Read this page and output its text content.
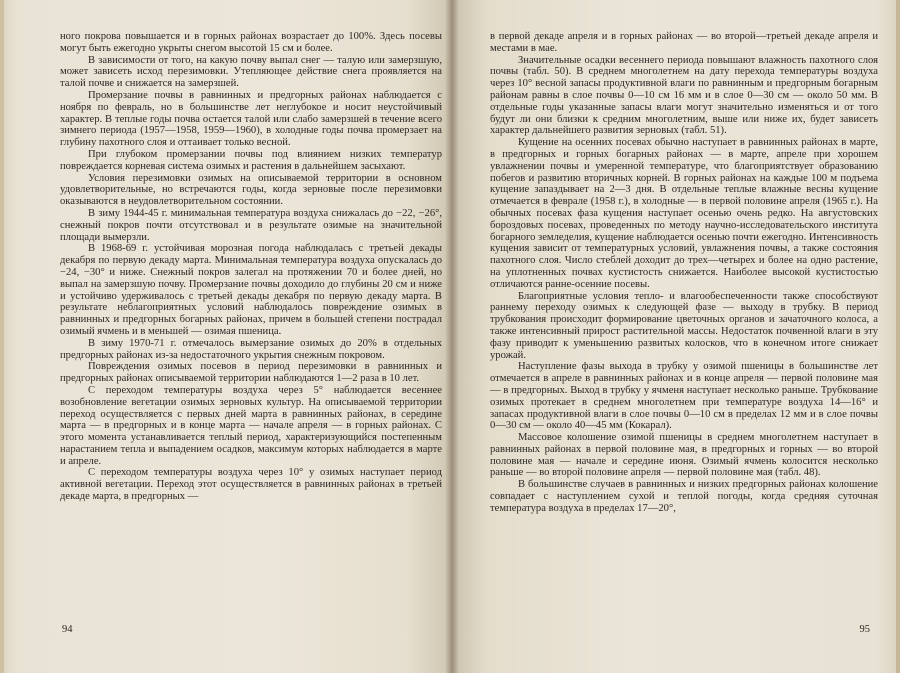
ного покрова повышается и в горных районах возрастает до 100%. Здесь посевы могут быть ежегодно укрыты снегом высотой 15 см и более.

В зависимости от того, на какую почву выпал снег — талую или замерзшую, может зависеть исход перезимовки. Утепляющее действие снега проявляется на талой почве и снижается на замерзшей.

Промерзание почвы в равнинных и предгорных районах наблюдается с ноября по февраль, но в большинстве лет неглубокое и носит неустойчивый характер. В теплые годы почва остается талой или слабо замерзшей в течение всего зимнего периода (1957—1958, 1959—1960), в холодные годы почва промерзает на глубину пахотного слоя и оттаивает только весной.

При глубоком промерзании почвы под влиянием низких температур повреждается корневая система озимых и растения в дальнейшем засыхают.

Условия перезимовки озимых на описываемой территории в основном удовлетворительные, но встречаются годы, когда зерновые после перезимовки оказываются в неудовлетворительном состоянии.

В зиму 1944-45 г. минимальная температура воздуха снижалась до −22, −26°, снежный покров почти отсутствовал и в результате озимые на значительной площади вымерзли.

В 1968-69 г. устойчивая морозная погода наблюдалась с третьей декады декабря по первую декаду марта. Минимальная температура воздуха опускалась до −24, −30° и ниже. Снежный покров залегал на протяжении 70 и более дней, но выпал на замерзшую почву. Промерзание почвы доходило до глубины 20 см и ниже и устойчиво удерживалось с третьей декады декабря по первую декаду марта. В результате неблагоприятных условий наблюдалось повреждение озимых в равнинных и предгорных богарных районах, причем в большей степени пострадал озимый ячмень и в меньшей — озимая пшеница.

В зиму 1970-71 г. отмечалось вымерзание озимых до 20% в отдельных предгорных районах из-за недостаточного укрытия снежным покровом.

Повреждения озимых посевов в период перезимовки в равнинных и предгорных районах описываемой территории наблюдаются 1—2 раза в 10 лет.

С переходом температуры воздуха через 5° наблюдается весеннее возобновление вегетации озимых зерновых культур. На описываемой территории переход осуществляется с первых дней марта в равнинных районах, в середине марта — в предгорных и в конце марта — начале апреля — в горных районах. С этого момента устанавливается теплый период, характеризующийся постепенным нарастанием тепла и выпадением осадков, максимум которых наблюдается в марте и апреле.

С переходом температуры воздуха через 10° у озимых наступает период активной вегетации. Переход этот осуществляется в равнинных районах в третьей декаде марта, в предгорных —

94

в первой декаде апреля и в горных районах — во второй—третьей декаде апреля и местами в мае.

Значительные осадки весеннего периода повышают влажность пахотного слоя почвы (табл. 50). В среднем многолетнем на дату перехода температуры воздуха через 10° весной запасы продуктивной влаги по равнинным и предгорным богарным районам равны в слое почвы 0—10 см 16 мм и в слое 0—30 см — около 50 мм. В отдельные годы указанные запасы влаги могут значительно изменяться и от того будут ли они близки к средним многолетним, выше или ниже их, будет зависеть характер дальнейшего развития зерновых (табл. 51).

Кущение на осенних посевах обычно наступает в равнинных районах в марте, в предгорных и горных богарных районах — в марте, апреле при хорошем увлажнении почвы и умеренной температуре, что благоприятствует образованию побегов и развитию вторичных корней. В горных районах на каждые 100 м подъема кущение запаздывает на 2—3 дня. В отдельные теплые влажные весны кущение отмечается в феврале (1958 г.), в холодные — в первой половине апреля (1965 г.). На обычных посевах фаза кущения наступает осенью очень редко. На августовских бороздовых посевах, проведенных по методу научно-исследовательского института богарного земледелия, кущение наблюдается осенью почти ежегодно. Интенсивность кущения зависит от температурных условий, увлажнения почвы, а также состояния пахотного слоя. Число стеблей доходит до трех—четырех и более на одно растение, на уплотненных почвах кустистость снижается. Наиболее высокой кустистостью отличаются ранне-осенние посевы.

Благоприятные условия тепло- и влагообеспеченности также способствуют раннему переходу озимых к следующей фазе — выходу в трубку. В период трубкования происходит формирование цветочных органов и зачаточного колоса, а также интенсивный прирост растительной массы. Недостаток почвенной влаги в эту фазу приводит к уменьшению развитых колосков, что в конечном итоге снижает урожай.

Наступление фазы выхода в трубку у озимой пшеницы в большинстве лет отмечается в апреле в равнинных районах и в конце апреля — первой половине мая — в предгорных. Выход в трубку у ячменя наступает несколько раньше. Трубкование озимых протекает в среднем многолетнем при температуре воздуха 14—16° и запасах продуктивной влаги в слое почвы 0—10 см в пределах 12 мм и в слое почвы 0—30 см — около 40—45 мм (Кокарал).

Массовое колошение озимой пшеницы в среднем многолетнем наступает в равнинных районах в первой половине мая, в предгорных и горных — во второй половине мая — начале и середине июня. Озимый ячмень колосится несколько раньше — во второй половине апреля — первой половине мая (табл. 48).

В большинстве случаев в равнинных и низких предгорных районах колошение совпадает с наступлением сухой и теплой погоды, когда средняя суточная температура воздуха в пределах 17—20°,

95
